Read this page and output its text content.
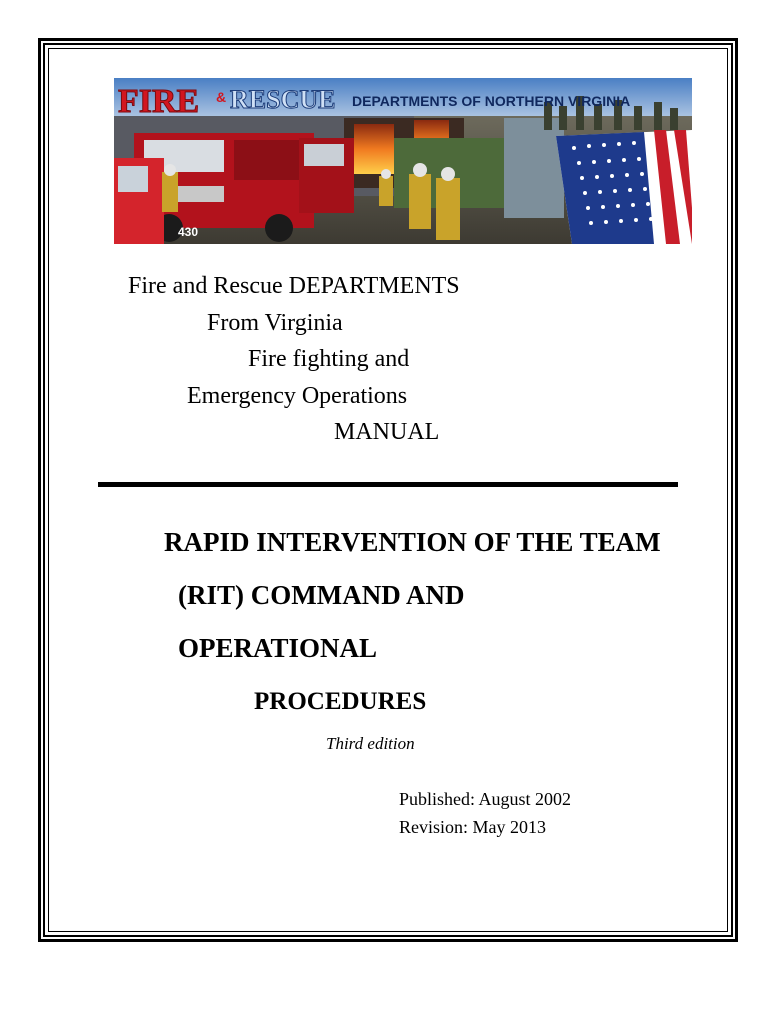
430
FIRE & RESCUE DEPARTMENTS OF NORTHERN VIRGINIA
Fire and Rescue DEPARTMENTS
From Virginia
Fire fighting and
Emergency Operations
MANUAL
RAPID INTERVENTION OF THE TEAM
(RIT) COMMAND AND
OPERATIONAL
PROCEDURES
Third edition
Published: August 2002
Revision: May 2013
